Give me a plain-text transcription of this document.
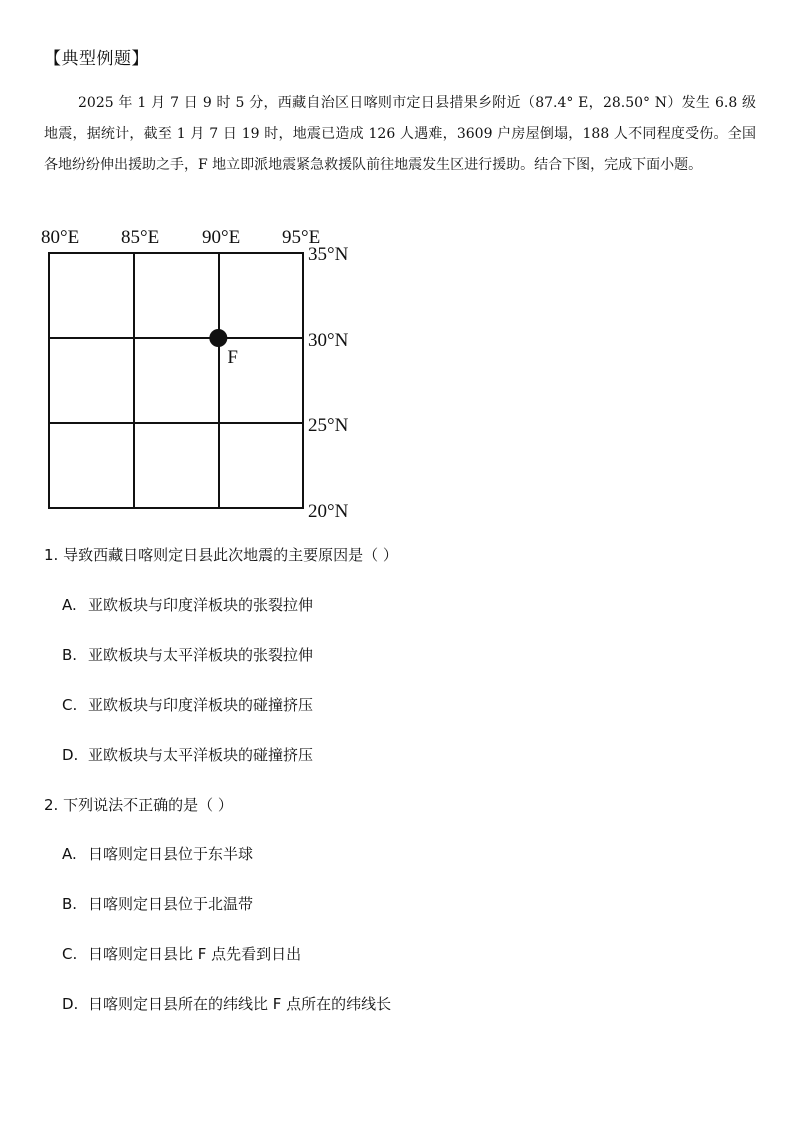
【典型例题】
2025 年 1 月 7 日 9 时 5 分，西藏自治区日喀则市定日县措果乡附近（87.4° E，28.50° N）发生 6.8 级地震，据统计，截至 1 月 7 日 19 时，地震已造成 126 人遇难，3609 户房屋倒塌，188 人不同程度受伤。全国各地纷纷伸出援助之手，F 地立即派地震紧急救援队前往地震发生区进行援助。结合下图，完成下面小题。
80°E 85°E 90°E 95°E
35°N
30°N
25°N
20°N
F
1. 导致西藏日喀则定日县此次地震的主要原因是（ ）
A. 亚欧板块与印度洋板块的张裂拉伸
B. 亚欧板块与太平洋板块的张裂拉伸
C. 亚欧板块与印度洋板块的碰撞挤压
D. 亚欧板块与太平洋板块的碰撞挤压
2. 下列说法不正确的是（ ）
A. 日喀则定日县位于东半球
B. 日喀则定日县位于北温带
C. 日喀则定日县比 F 点先看到日出
D. 日喀则定日县所在的纬线比 F 点所在的纬线长
